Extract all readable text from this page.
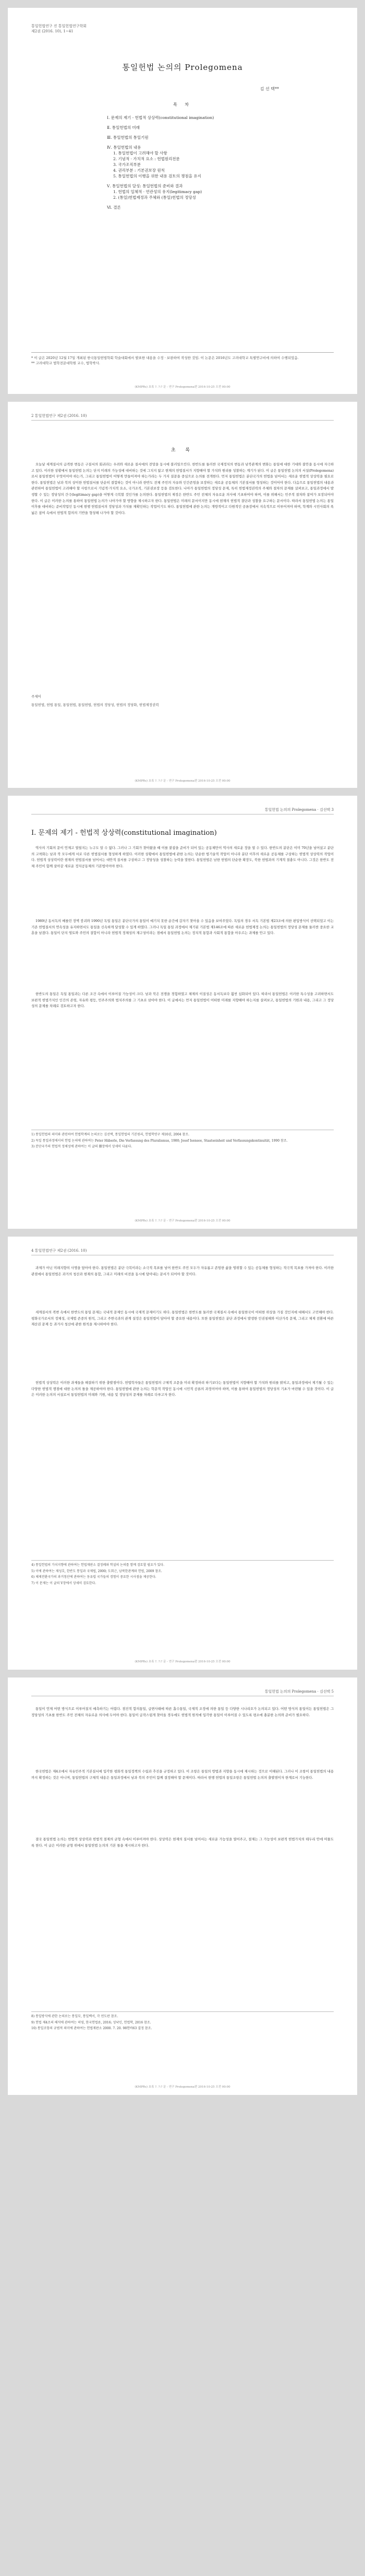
통일헌법연구 진 통일헌법연구학회
제2권 (2016. 10), 1~41
통일헌법 논의의 Prolegomena
김 선 택**
목 차
Ⅰ. 문제의 제기 - 헌법적 상상력(constitutional imagination)
Ⅱ. 통일헌법의 미래
Ⅲ. 통일헌법의 통일기원
Ⅳ. 통일헌법의 내용
1. 통일헌법이 고려해야 할 사항
2. 기념적 · 가치적 요소 : 헌법원리전문
3. 국가조직부분
4. 권리부분 : 기본권보장 원칙
5. 통일헌법의 이행을 위한 내용 검토의 쟁점을 유지
Ⅴ. 통일헌법의 달성: 통일헌법의 준비와 결과
1. 헌법의 일체적 · 연관성의 유지(legitimacy gap)
2. (통일)헌법제정과 주체와 (통일)헌법의 정당성
Ⅵ. 결론
* 이 글은 2020년 12월 17일 개최된 한국통일헌법학회 학술대회에서 발표한 내용을 수정 · 보완하여 작성한 것임. 이 논문은 2016년도 고려대학교 특별연구비에 의하여 수행되었음.
** 고려대학교 법학전문대학원 교수, 법학박사.
(KMPRs) 초록 ?. ?:? 문 - 연구 Prolegomena편 2016-10-25 오전 00:00
2 통일헌법연구 제2권 (2016. 10)
초 록
오늘날 세계질서의 급격한 변동은 구질서의 회귀라는 우려와 새로운 질서에의 전망을 동시에 불러일으킨다. 한반도를 둘러싼 국제정치의 변동과 남북관계의 변화는 통일에 대한 기대와 불안을 동시에 자극하고 있다. 이러한 상황에서 통일헌법 논의는 단지 미래의 가능성에 대비하는 것에 그치지 않고 현재의 헌법질서가 지향해야 할 가치와 원리를 성찰하는 계기가 된다. 이 글은 통일헌법 논의의 서설(Prolegomena)로서 통일헌법이 무엇이어야 하는가, 그리고 통일헌법이 어떻게 만들어져야 하는가라는 두 가지 질문을 중심으로 논의를 전개한다. 먼저 통일헌법은 분단국가의 헌법을 넘어서는 새로운 헌법적 상상력을 필요로 한다. 통일헌법은 남과 북의 상이한 헌법질서를 단순히 결합하는 것이 아니라 한반도 전체 주민의 자유와 인간존엄을 보장하는 새로운 공동체의 기본질서를 형성하는 것이어야 한다. 다음으로 통일헌법의 내용과 관련하여 통일헌법이 고려해야 할 사항으로서 기념적·가치적 요소, 국가조직, 기본권보장 등을 검토한다. 나아가 통일헌법의 정당성 문제, 특히 헌법제정권력의 주체와 절차의 문제를 살펴보고, 통일과정에서 발생할 수 있는 정당성의 간극(legitimacy gap)을 어떻게 극복할 것인가를 논의한다. 통일헌법의 제정은 한반도 주민 전체의 자유로운 의사에 기초하여야 하며, 이를 위해서는 민주적 절차와 참여가 보장되어야 한다. 이 글은 이러한 논의를 통하여 통일헌법 논의가 나아가야 할 방향을 제시하고자 한다. 통일헌법은 미래의 문서이지만 동시에 현재의 헌법적 결단과 성찰을 요구하는 문서이다. 따라서 통일헌법 논의는 통일 이후를 대비하는 준비작업인 동시에 현행 헌법질서의 정당성과 가치를 재확인하는 작업이기도 하다. 통일헌법에 관한 논의는 개방적이고 다원적인 공론장에서 지속적으로 이루어져야 하며, 학계와 시민사회의 폭넓은 참여 속에서 헌법적 합의의 기반을 형성해 나가야 할 것이다.
주제어
통일헌법, 헌법 통일, 통일헌법, 통일헌법, 헌법의 정당성, 헌법의 정당화, 헌법제정권력
(KMPRs) 초록 ?. ?:? 문 - 연구 Prolegomena편 2016-10-25 오전 00:00
통일헌법 논의의 Prolegomena · 김선택 3
Ⅰ. 문제의 제기 - 헌법적 상상력(constitutional imagination)
역사의 기회의 문이 언제고 열릴지는 누구도 알 수 없다. 그러나 그 기회가 찾아왔을 때 이를 붙잡을 준비가 되어 있는 공동체만이 역사의 새로운 장을 열 수 있다. 한반도의 분단은 이미 70년을 넘어섰고 분단의 고착화는 남과 북 모두에게 서로 다른 헌법질서를 형성하게 하였다. 이러한 상황에서 통일헌법에 관한 논의는 단순한 법기술적 작업이 아니라 분단 이후의 새로운 공동체를 구상하는 헌법적 상상력의 작업이다. 헌법적 상상력이란 현재의 헌법질서를 넘어서는 대안적 질서를 구상하고 그 정당성을 성찰하는 능력을 말한다. 통일헌법은 남한 헌법의 단순한 확장도, 북한 헌법과의 기계적 절충도 아니다. 그것은 한반도 전체 주민이 함께 살아갈 새로운 정치공동체의 기본법이어야 한다.
1989년 동서독의 베를린 장벽 붕괴와 1990년 독일 통일은 분단국가의 통일이 예기치 못한 순간에 갑자기 찾아올 수 있음을 보여주었다. 독일의 경우 서독 기본법 제23조에 의한 편입방식이 선택되었고 이는 기존 헌법질서의 연속성을 유지하면서도 통일을 신속하게 달성할 수 있게 하였다. 그러나 독일 통일 과정에서 제기된 기본법 제146조에 따른 새로운 헌법제정 논의는 통일헌법의 정당성 문제를 둘러싼 중요한 교훈을 남겼다. 통일이 단지 영토와 주민의 결합이 아니라 헌법적 정체성의 재구성이라는 점에서 통일헌법 논의는 정치적 통합과 사회적 통합을 아우르는 과제를 안고 있다.
한반도의 통일은 독일 통일과는 다른 조건 속에서 이루어질 가능성이 크다. 남과 북은 전쟁을 경험하였고 체제의 이질성은 동서독보다 훨씬 심화되어 있다. 따라서 통일헌법은 이러한 특수성을 고려하면서도 보편적 헌법가치인 인간의 존엄, 자유와 평등, 민주주의와 법치주의를 그 기초로 삼아야 한다. 이 글에서는 먼저 통일헌법이 어떠한 미래를 지향해야 하는지를 살펴보고, 통일헌법의 기원과 내용, 그리고 그 정당성의 문제를 차례로 검토하고자 한다.
1) 통일헌법의 의미와 관련하여 헌법학계의 논의로는 김선택, 통일헌법의 기본원리, 헌법학연구 제10권, 2004 참조.
2) 독일 통일과정에서의 헌법 논의에 관하여는 Peter Häberle, Die Verfassung des Pluralismus, 1980; Josef Isensee, Staatseinheit und Verfassungskontinuität, 1990 참조.
3) 분단국가의 헌법적 정체성에 관하여는 이 글의 Ⅲ장에서 상세히 다룬다.
(KMPRs) 초록 ?. ?:? 문 - 연구 Prolegomena편 2016-10-25 오전 00:00
4 통일헌법연구 제2권 (2016. 10)
과제가 아닌 미래지향의 사명을 담아야 한다. 통일헌법은 분단 극복이라는 소극적 목표를 넘어 한반도 주민 모두가 자유롭고 존엄한 삶을 영위할 수 있는 공동체를 형성하는 적극적 목표를 가져야 한다. 이러한 관점에서 통일헌법은 과거의 청산과 현재의 통합, 그리고 미래의 비전을 동시에 담아내는 문서가 되어야 할 것이다.
세계질서의 격변 속에서 한반도의 통일 문제는 국내적 문제인 동시에 국제적 문제이기도 하다. 통일헌법은 한반도를 둘러싼 국제질서 속에서 통일한국이 어떠한 위상을 가질 것인지에 대해서도 고민해야 한다. 평화국가로서의 정체성, 국제법 존중의 원칙, 그리고 주변국과의 관계 설정은 통일헌법이 담아야 할 중요한 내용이다. 또한 통일헌법은 분단 과정에서 발생한 인권침해와 이산가족 문제, 그리고 체제 전환에 따른 재산권 문제 등 과거사 청산에 관한 원칙을 제시하여야 한다.
헌법적 상상력은 이러한 과제들을 해결하기 위한 출발점이다. 헌법학자들은 통일헌법의 구체적 조문을 미리 확정하려 하기보다는 통일헌법이 지향해야 할 가치와 원리를 밝히고, 통일과정에서 제기될 수 있는 다양한 헌법적 쟁점에 대한 논의의 틀을 제공하여야 한다. 통일헌법에 관한 논의는 학문적 작업인 동시에 시민적 공론의 과정이어야 하며, 이를 통하여 통일헌법의 정당성의 기초가 마련될 수 있을 것이다. 이 글은 이러한 논의의 서설로서 통일헌법의 미래와 기원, 내용 및 정당성의 문제를 차례로 다루고자 한다.
4) 통일헌법의 가치지향에 관하여는 헌법재판소 결정례와 학설의 논의를 함께 검토할 필요가 있다.
5) 이에 관하여는 제성호, 한반도 통일과 국제법, 2000; 도회근, 남북한관계와 헌법, 2009 참조.
6) 체제전환국가의 과거청산에 관하여는 동유럽 국가들의 경험이 중요한 시사점을 제공한다.
7) 이 문제는 이 글의 Ⅴ장에서 상세히 검토한다.
(KMPRs) 초록 ?. ?:? 문 - 연구 Prolegomena편 2016-10-25 오전 00:00
통일헌법 논의의 Prolegomena · 김선택 5
통일이 언제 어떤 방식으로 이루어질지 예측하기는 어렵다. 점진적 합의통일, 급변사태에 따른 흡수통일, 국제적 조정에 의한 통일 등 다양한 시나리오가 논의되고 있다. 어떤 방식의 통일이든 통일헌법은 그 정당성의 기초를 한반도 주민 전체의 자유로운 의사에 두어야 한다. 통일이 급작스럽게 찾아올 경우에도 헌법적 원칙에 입각한 통일이 이루어질 수 있도록 평소에 충분한 논의와 준비가 필요하다.
한국헌법은 제4조에서 자유민주적 기본질서에 입각한 평화적 통일정책의 수립과 추진을 규정하고 있다. 이 조항은 통일의 방법과 지향을 동시에 제시하는 것으로 이해된다. 그러나 이 조항이 통일헌법의 내용까지 확정하는 것은 아니며, 통일헌법의 구체적 내용은 통일과정에서 남과 북의 주민이 함께 결정해야 할 문제이다. 따라서 현행 헌법의 통일조항은 통일헌법 논의의 출발점이자 한계로서 기능한다.
결국 통일헌법 논의는 헌법적 상상력과 헌법적 절제의 균형 속에서 이루어져야 한다. 상상력은 현재의 질서를 넘어서는 새로운 가능성을 열어주고, 절제는 그 가능성이 보편적 헌법가치의 테두리 안에 머물도록 한다. 이 글은 이러한 균형 위에서 통일헌법 논의의 기본 틀을 제시하고자 한다.
8) 통일방식에 관한 논의로는 통일부, 통일백서, 각 연도판 참조.
9) 헌법 제4조의 해석에 관하여는 허영, 한국헌법론, 2016; 성낙인, 헌법학, 2016 참조.
10) 통일조항의 규범적 의미에 관하여는 헌법재판소 2000. 7. 20. 98헌바63 결정 참조.
(KMPRs) 초록 ?. ?:? 문 - 연구 Prolegomena편 2016-10-25 오전 00:00
